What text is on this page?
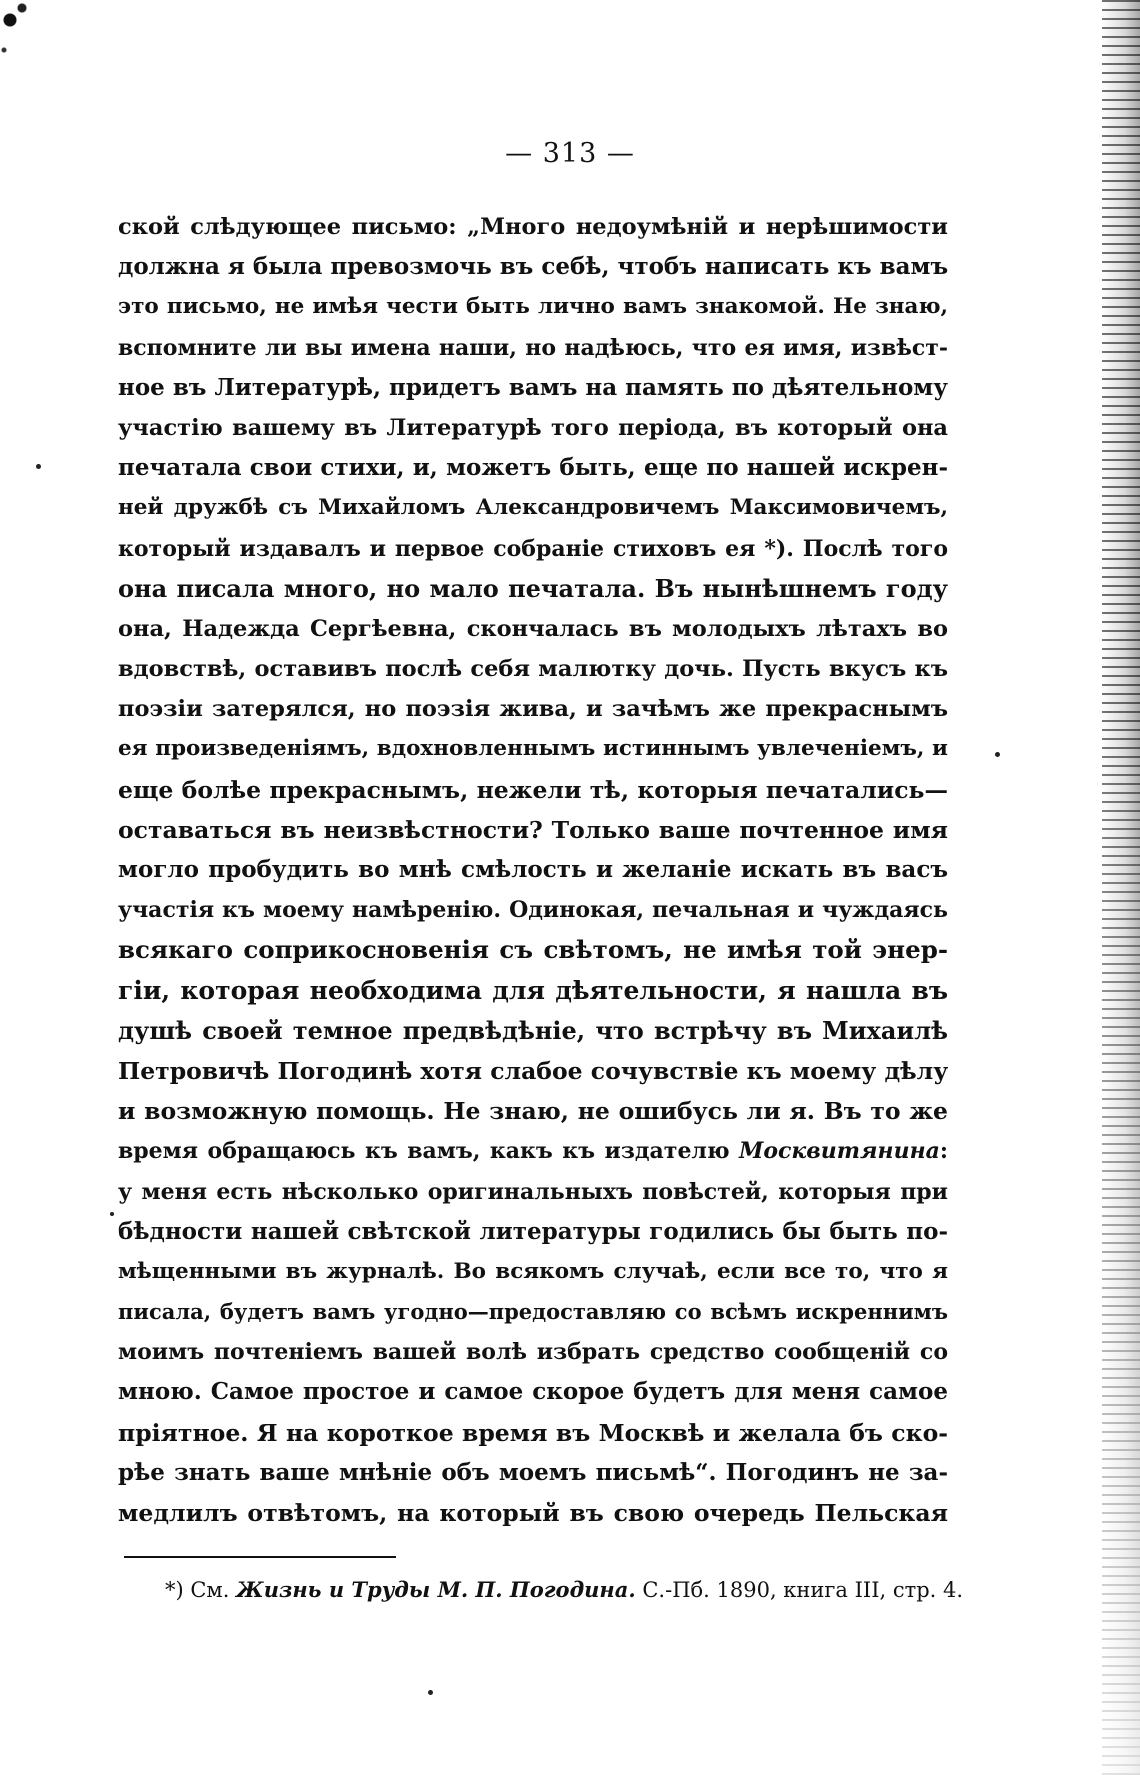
— 313 —
ской слѣдующее письмо: „Много недоумѣній и нерѣшимости
должна я была превозмочь въ себѣ, чтобъ написать къ вамъ
это письмо, не имѣя чести быть лично вамъ знакомой. Не знаю,
вспомните ли вы имена наши, но надѣюсь, что ея имя, извѣст-
ное въ Литературѣ, придетъ вамъ на память по дѣятельному
участію вашему въ Литературѣ того періода, въ который она
печатала свои стихи, и, можетъ быть, еще по нашей искрен-
ней дружбѣ съ Михайломъ Александровичемъ Максимовичемъ,
который издавалъ и первое собраніе стиховъ ея *). Послѣ того
она писала много, но мало печатала. Въ нынѣшнемъ году
она, Надежда Сергѣевна, скончалась въ молодыхъ лѣтахъ во
вдовствѣ, оставивъ послѣ себя малютку дочь. Пусть вкусъ къ
поэзіи затерялся, но поэзія жива, и зачѣмъ же прекраснымъ
ея произведеніямъ, вдохновленнымъ истиннымъ увлеченіемъ, и
еще болѣе прекраснымъ, нежели тѣ, которыя печатались—
оставаться въ неизвѣстности? Только ваше почтенное имя
могло пробудить во мнѣ смѣлость и желаніе искать въ васъ
участія къ моему намѣренію. Одинокая, печальная и чуждаясь
всякаго соприкосновенія съ свѣтомъ, не имѣя той энер-
гіи, которая необходима для дѣятельности, я нашла въ
душѣ своей темное предвѣдѣніе, что встрѣчу въ Михаилѣ
Петровичѣ Погодинѣ хотя слабое сочувствіе къ моему дѣлу
и возможную помощь. Не знаю, не ошибусь ли я. Въ то же
время обращаюсь къ вамъ, какъ къ издателю Москвитянина:
у меня есть нѣсколько оригинальныхъ повѣстей, которыя при
бѣдности нашей свѣтской литературы годились бы быть по-
мѣщенными въ журналѣ. Во всякомъ случаѣ, если все то, что я
писала, будетъ вамъ угодно—предоставляю со всѣмъ искреннимъ
моимъ почтеніемъ вашей волѣ избрать средство сообщеній со
мною. Самое простое и самое скорое будетъ для меня самое
пріятное. Я на короткое время въ Москвѣ и желала бъ ско-
рѣе знать ваше мнѣніе объ моемъ письмѣ“. Погодинъ не за-
медлилъ отвѣтомъ, на который въ свою очередь Пельская
*) См. Жизнь и Труды М. П. Погодина. С.-Пб. 1890, книга III, стр. 4.
